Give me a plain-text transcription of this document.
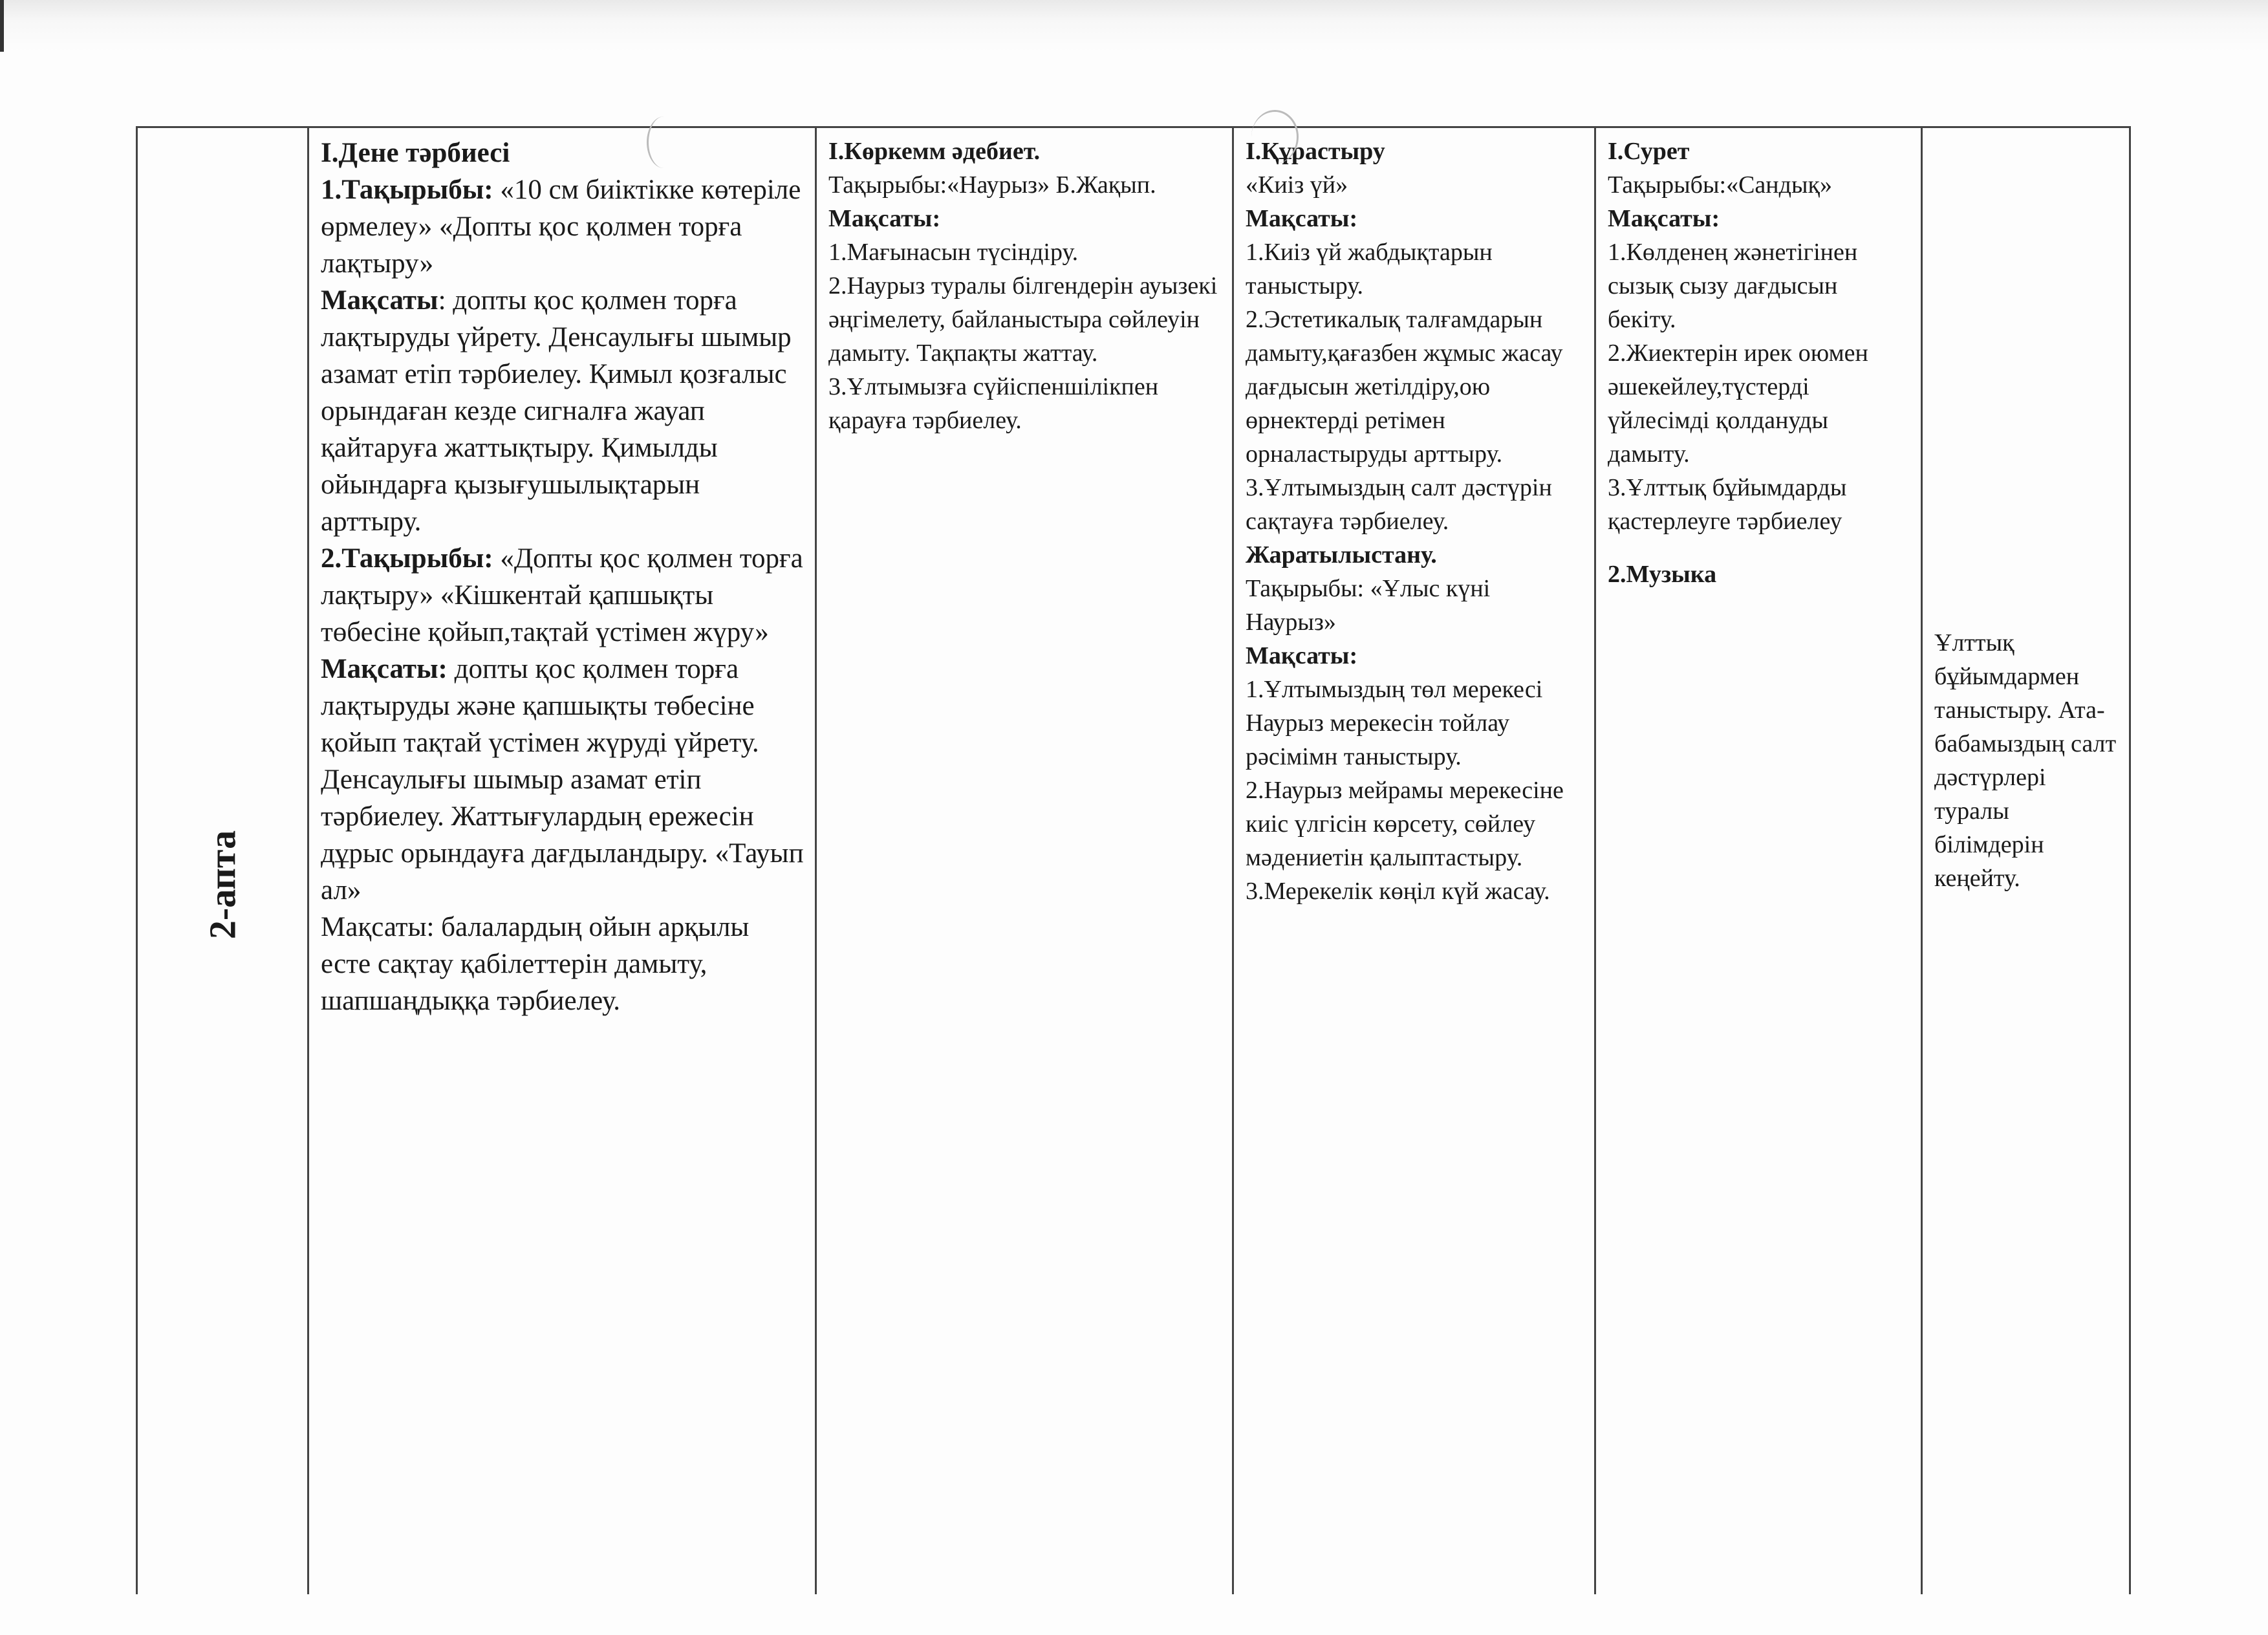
2-апта

І.Дене тәрбиесі

1.Тақырыбы: «10 см биіктікке көтеріле өрмелеу» «Допты қос қолмен торға лақтыру»

Мақсаты: допты қос қолмен торға лақтыруды үйрету. Денсаулығы шымыр азамат етіп тәрбиелеу. Қимыл қозғалыс орындаған кезде сигналға жауап қайтаруға жаттықтыру. Қимылды ойындарға қызығушылықтарын арттыру.

2.Тақырыбы: «Допты қос қолмен торға лақтыру» «Кішкентай қапшықты төбесіне қойып,тақтай үстімен жүру»

Мақсаты: допты қос қолмен торға лақтыруды және қапшықты төбесіне қойып тақтай үстімен жүруді үйрету. Денсаулығы шымыр азамат етіп тәрбиелеу. Жаттығулардың ережесін дұрыс орындауға дағдыландыру. «Тауып ал»

Мақсаты: балалардың ойын арқылы есте сақтау қабілеттерін дамыту, шапшаңдыққа тәрбиелеу.

І.Көркемм әдебиет.

Тақырыбы:«Наурыз» Б.Жақып.

Мақсаты:

1.Мағынасын түсіндіру.

2.Наурыз туралы білгендерін ауызекі әңгімелету, байланыстыра сөйлеуін дамыту. Тақпақты жаттау.

3.Ұлтымызға сүйіспеншілікпен қарауға тәрбиелеу.

І.Құрастыру

«Киіз үй»

Мақсаты:

1.Киіз үй жабдықтарын таныстыру.

2.Эстетикалық талғамдарын дамыту,қағазбен жұмыс жасау дағдысын жетілдіру,ою өрнектерді ретімен орналастыруды арттыру.

3.Ұлтымыздың салт дәстүрін сақтауға тәрбиелеу.

Жаратылыстану.

Тақырыбы: «Ұлыс күні Наурыз»

Мақсаты:

1.Ұлтымыздың төл мерекесі Наурыз мерекесін тойлау рәсімімн таныстыру.

2.Наурыз мейрамы мерекесіне киіс үлгісін көрсету, сөйлеу мәдениетін қалыптастыру.

3.Мерекелік көңіл күй жасау.

І.Сурет

Тақырыбы:«Сандық»

Мақсаты:

1.Көлденең жәнетігінен сызық сызу дағдысын бекіту.

2.Жиектерін ирек оюмен әшекейлеу,түстерді үйлесімді қолдануды дамыту.

3.Ұлттық бұйымдарды қастерлеуге тәрбиелеу

2.Музыка

Ұлттық бұйымдармен таныстыру. Ата-бабамыздың салт дәстүрлері туралы білімдерін кеңейту.
